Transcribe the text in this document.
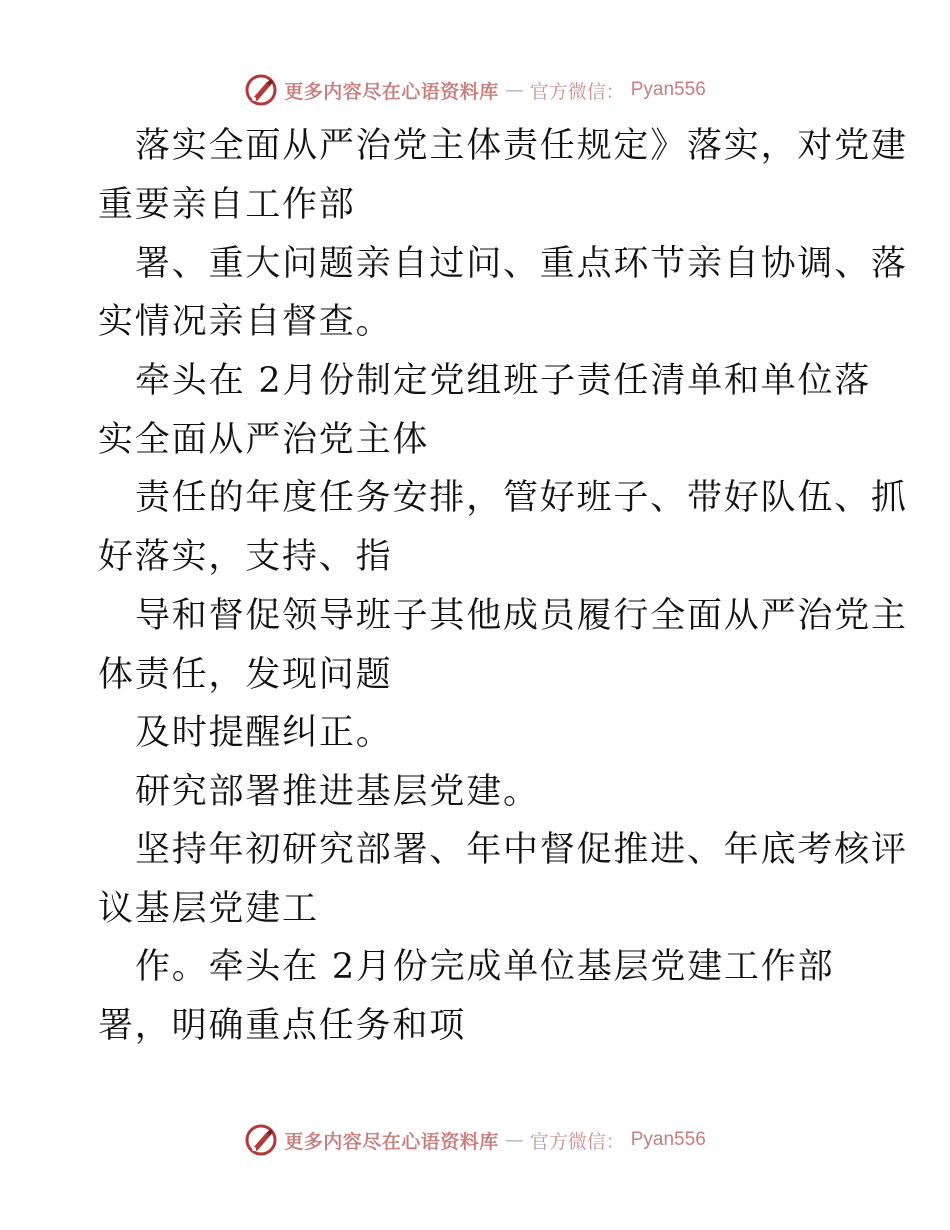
更多内容尽在心语资料库 — 官方微信： Pyan556
落实全面从严治党主体责任规定》落实，对党建
重要亲自工作部
署、重大问题亲自过问、重点环节亲自协调、落
实情况亲自督查。
牵头在 2月份制定党组班子责任清单和单位落
实全面从严治党主体
责任的年度任务安排，管好班子、带好队伍、抓
好落实，支持、指
导和督促领导班子其他成员履行全面从严治党主
体责任，发现问题
及时提醒纠正。
研究部署推进基层党建。
坚持年初研究部署、年中督促推进、年底考核评
议基层党建工
作。牵头在 2月份完成单位基层党建工作部
署，明确重点任务和项
更多内容尽在心语资料库 — 官方微信： Pyan556
